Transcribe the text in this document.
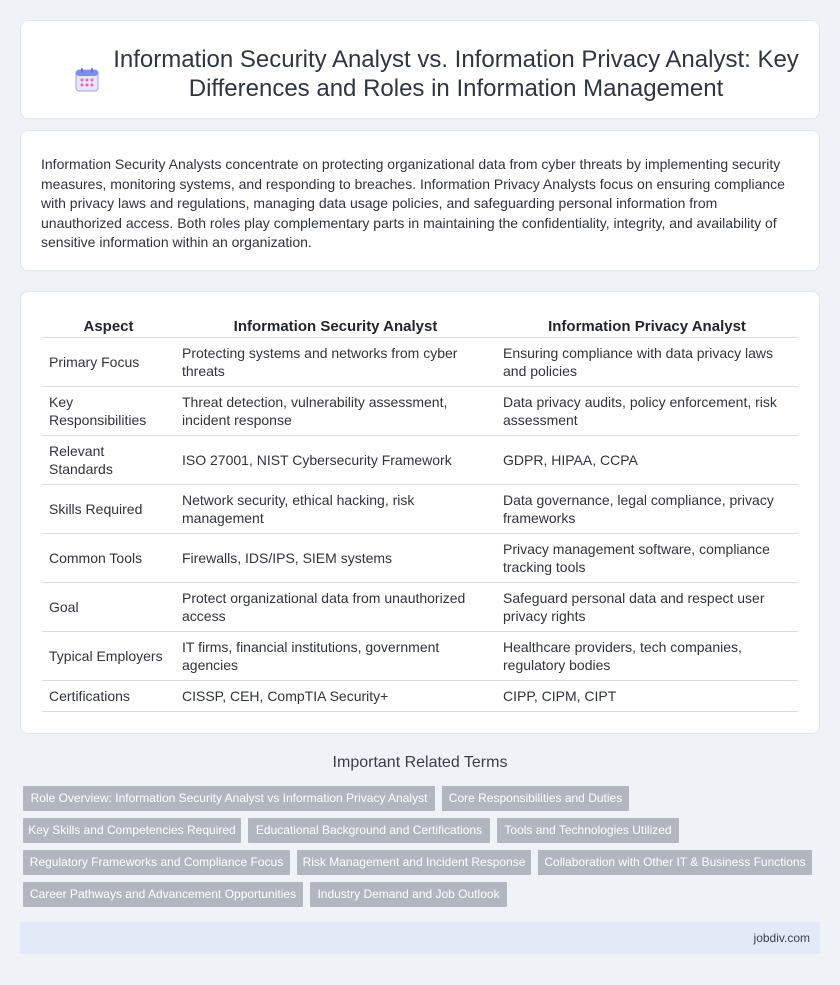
Information Security Analyst vs. Information Privacy Analyst: Key Differences and Roles in Information Management

Information Security Analysts concentrate on protecting organizational data from cyber threats by implementing security measures, monitoring systems, and responding to breaches. Information Privacy Analysts focus on ensuring compliance with privacy laws and regulations, managing data usage policies, and safeguarding personal information from unauthorized access. Both roles play complementary parts in maintaining the confidentiality, integrity, and availability of sensitive information within an organization.

Aspect	Information Security Analyst	Information Privacy Analyst
Primary Focus	Protecting systems and networks from cyber threats	Ensuring compliance with data privacy laws and policies
Key Responsibilities	Threat detection, vulnerability assessment, incident response	Data privacy audits, policy enforcement, risk assessment
Relevant Standards	ISO 27001, NIST Cybersecurity Framework	GDPR, HIPAA, CCPA
Skills Required	Network security, ethical hacking, risk management	Data governance, legal compliance, privacy frameworks
Common Tools	Firewalls, IDS/IPS, SIEM systems	Privacy management software, compliance tracking tools
Goal	Protect organizational data from unauthorized access	Safeguard personal data and respect user privacy rights
Typical Employers	IT firms, financial institutions, government agencies	Healthcare providers, tech companies, regulatory bodies
Certifications	CISSP, CEH, CompTIA Security+	CIPP, CIPM, CIPT
Important Related Terms
Role Overview: Information Security Analyst vs Information Privacy Analyst	Core Responsibilities and Duties
Key Skills and Competencies Required	Educational Background and Certifications	Tools and Technologies Utilized
Regulatory Frameworks and Compliance Focus	Risk Management and Incident Response	Collaboration with Other IT & Business Functions
Career Pathways and Advancement Opportunities	Industry Demand and Job Outlook
jobdiv.com
